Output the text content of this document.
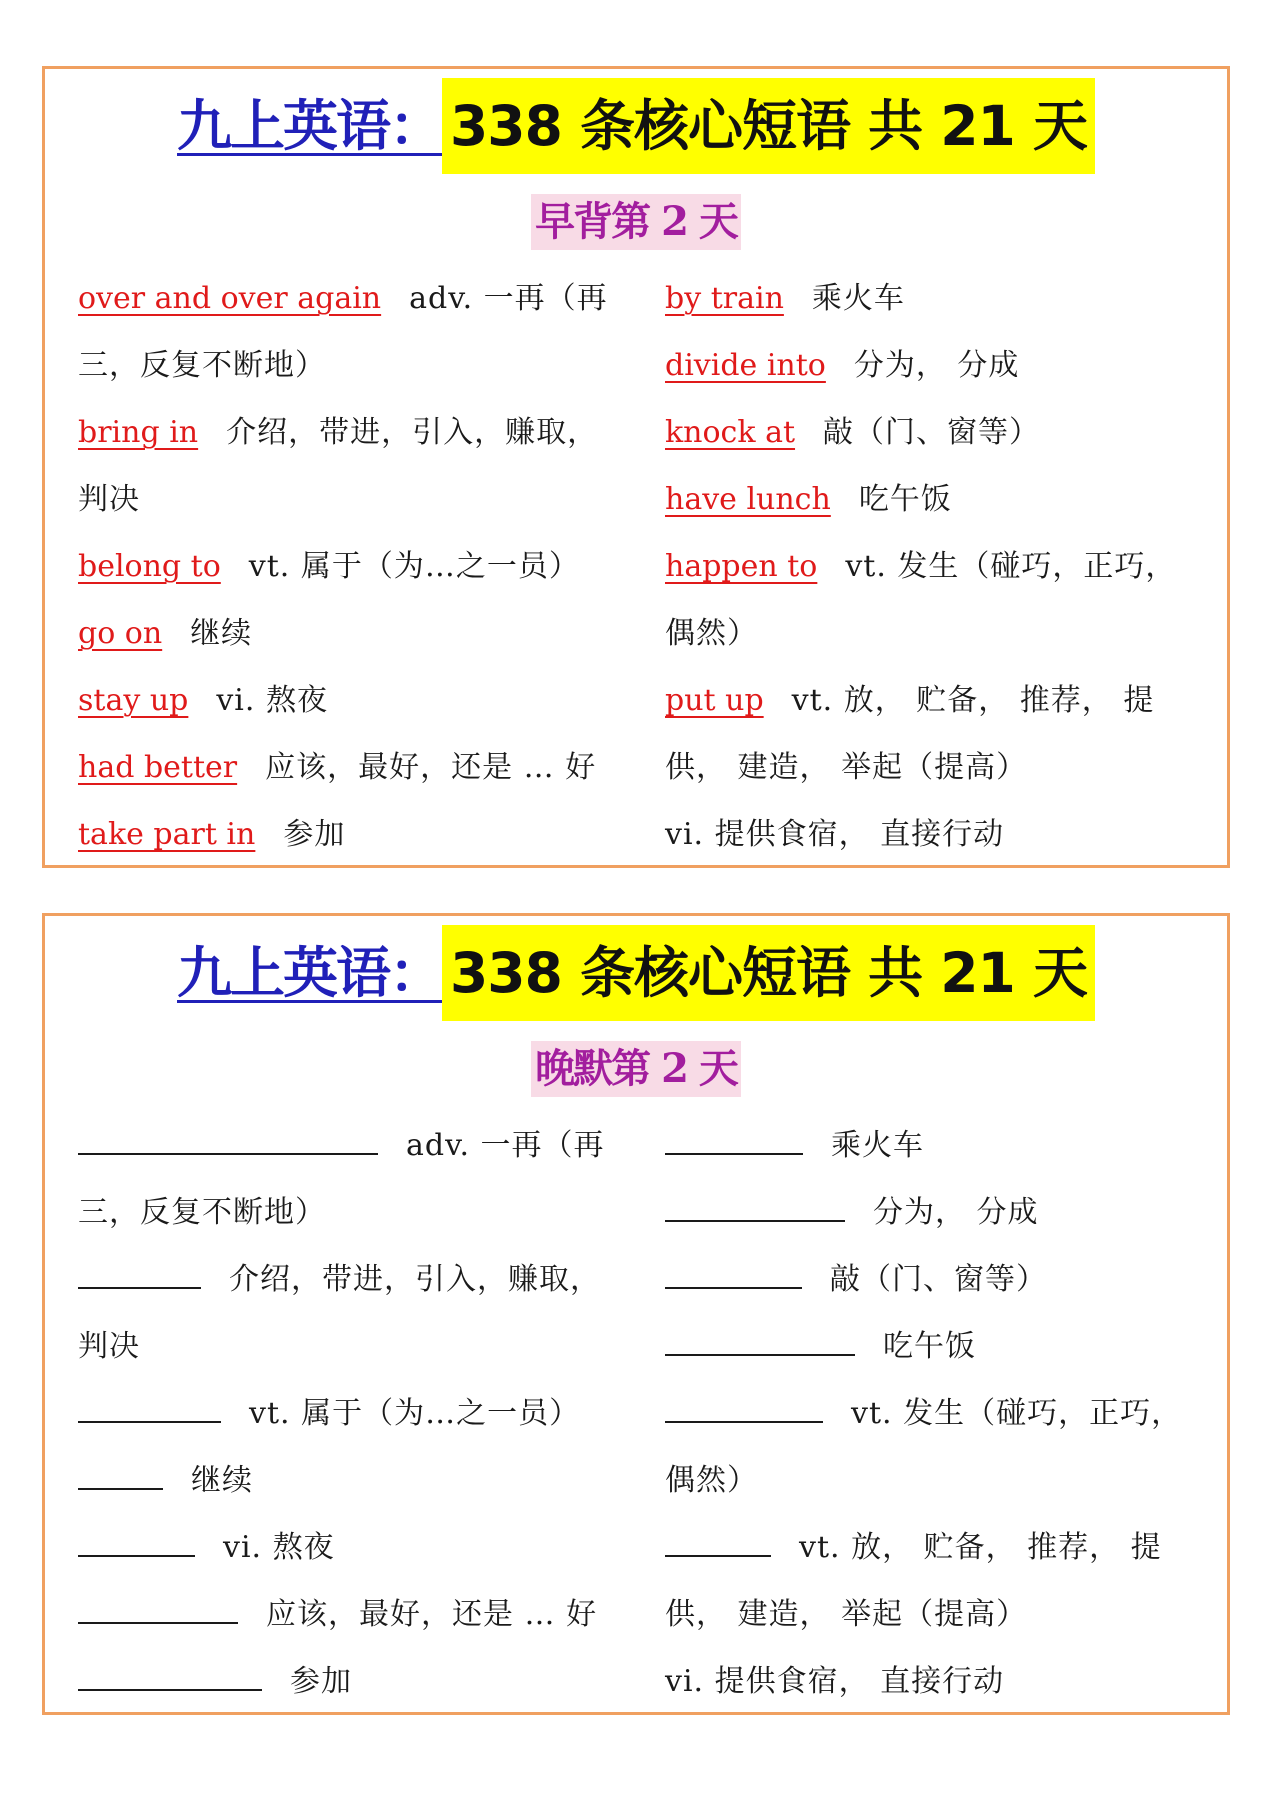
九上英语： 338 条核心短语 共 21 天
早背第 2 天
over and over again adv. 一再（再
三，反复不断地）
bring in 介绍，带进，引入，赚取，
判决
belong to vt. 属于（为…之一员）
go on 继续
stay up vi. 熬夜
had better 应该，最好，还是 … 好
take part in 参加
by train 乘火车
divide into 分为， 分成
knock at 敲（门、窗等）
have lunch 吃午饭
happen to vt. 发生（碰巧，正巧，
偶然）
put up vt. 放， 贮备， 推荐， 提
供， 建造， 举起（提高）
vi. 提供食宿， 直接行动
九上英语： 338 条核心短语 共 21 天
晚默第 2 天
adv. 一再（再
三，反复不断地）
介绍，带进，引入，赚取，
判决
vt. 属于（为…之一员）
继续
vi. 熬夜
应该，最好，还是 … 好
参加
乘火车
分为， 分成
敲（门、窗等）
吃午饭
vt. 发生（碰巧，正巧，
偶然）
vt. 放， 贮备， 推荐， 提
供， 建造， 举起（提高）
vi. 提供食宿， 直接行动
